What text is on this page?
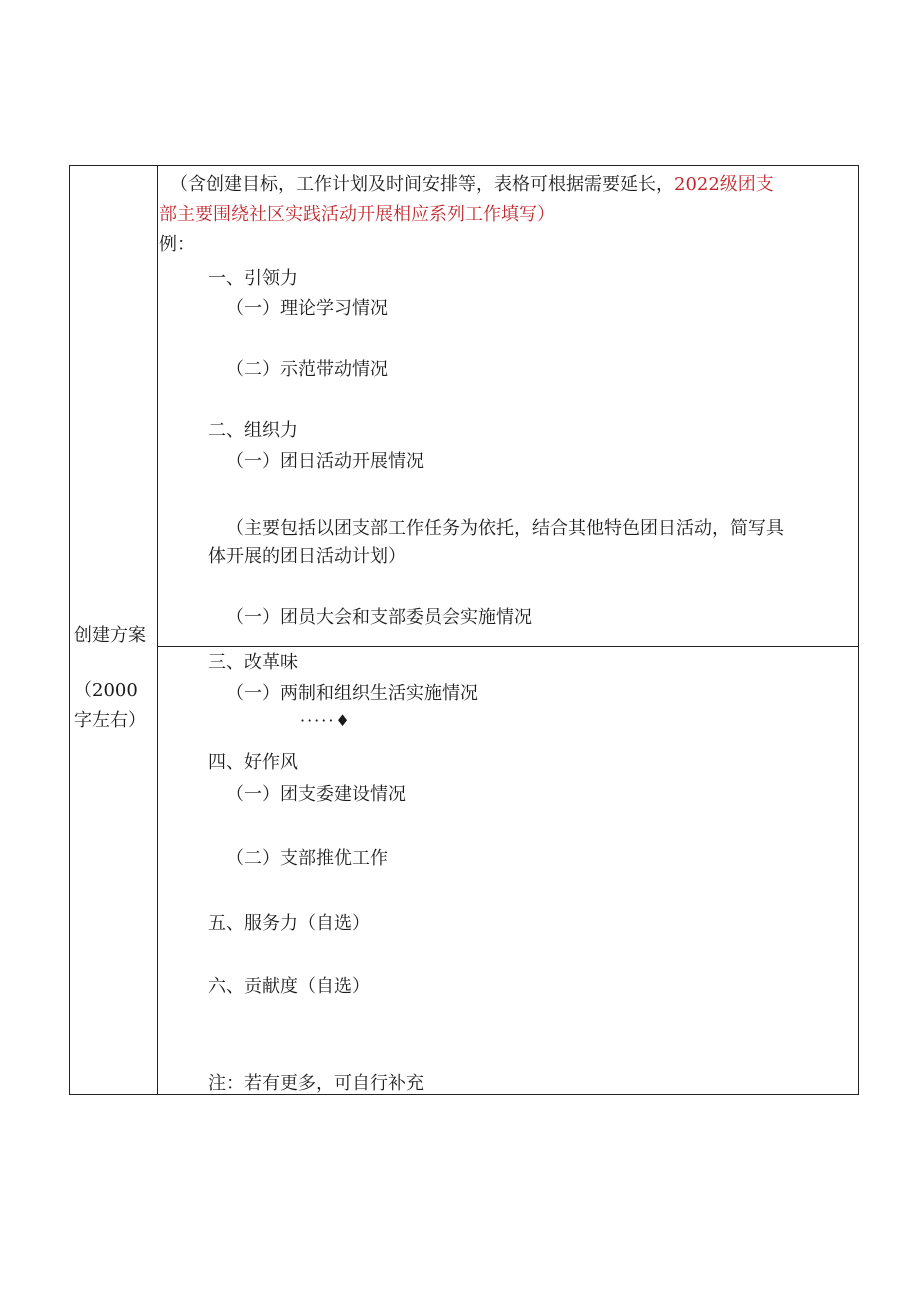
创建方案
（2000
字左右）
（含创建目标，工作计划及时间安排等，表格可根据需要延长，2022级团支
部主要围绕社区实践活动开展相应系列工作填写）
例：
一、引领力
（一）理论学习情况
（二）示范带动情况
二、组织力
（一）团日活动开展情况
（主要包括以团支部工作任务为依托，结合其他特色团日活动，简写具
体开展的团日活动计划）
（一）团员大会和支部委员会实施情况
三、改革味
（一）两制和组织生活实施情况
·····♦
四、好作风
（一）团支委建设情况
（二）支部推优工作
五、服务力（自选）
六、贡献度（自选）
注：若有更多，可自行补充
